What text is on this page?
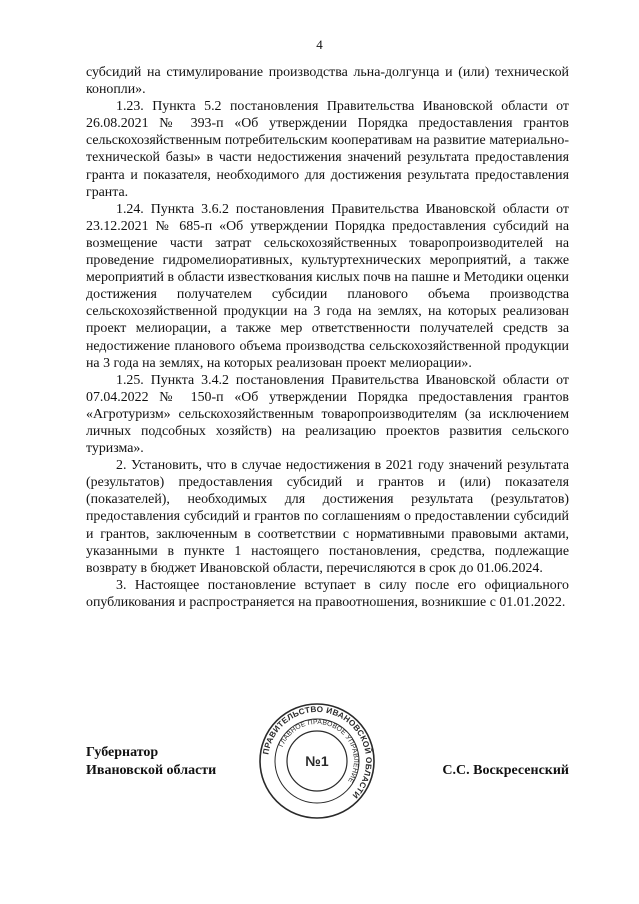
4

субсидий на стимулирование производства льна-долгунца и (или) технической конопли».

1.23. Пункта 5.2 постановления Правительства Ивановской области от 26.08.2021 № 393-п «Об утверждении Порядка предоставления грантов сельскохозяйственным потребительским кооперативам на развитие материально-технической базы» в части недостижения значений результата предоставления гранта и показателя, необходимого для достижения результата предоставления гранта.

1.24. Пункта 3.6.2 постановления Правительства Ивановской области от 23.12.2021 № 685-п «Об утверждении Порядка предоставления субсидий на возмещение части затрат сельскохозяйственных товаропроизводителей на проведение гидромелиоративных, культуртехнических мероприятий, а также мероприятий в области известкования кислых почв на пашне и Методики оценки достижения получателем субсидии планового объема производства сельскохозяйственной продукции на 3 года на землях, на которых реализован проект мелиорации, а также мер ответственности получателей средств за недостижение планового объема производства сельскохозяйственной продукции на 3 года на землях, на которых реализован проект мелиорации».

1.25. Пункта 3.4.2 постановления Правительства Ивановской области от 07.04.2022 № 150-п «Об утверждении Порядка предоставления грантов «Агротуризм» сельскохозяйственным товаропроизводителям (за исключением личных подсобных хозяйств) на реализацию проектов развития сельского туризма».

2. Установить, что в случае недостижения в 2021 году значений результата (результатов) предоставления субсидий и грантов и (или) показателя (показателей), необходимых для достижения результата (результатов) предоставления субсидий и грантов по соглашениям о предоставлении субсидий и грантов, заключенным в соответствии с нормативными правовыми актами, указанными в пункте 1 настоящего постановления, средства, подлежащие возврату в бюджет Ивановской области, перечисляются в срок до 01.06.2024.

3. Настоящее постановление вступает в силу после его официального опубликования и распространяется на правоотношения, возникшие с 01.01.2022.

Губернатор
Ивановской области
ПРАВИТЕЛЬСТВО ИВАНОВСКОЙ ОБЛАСТИ
ГЛАВНОЕ ПРАВОВОЕ УПРАВЛЕНИЕ
№1
С.С. Воскресенский
